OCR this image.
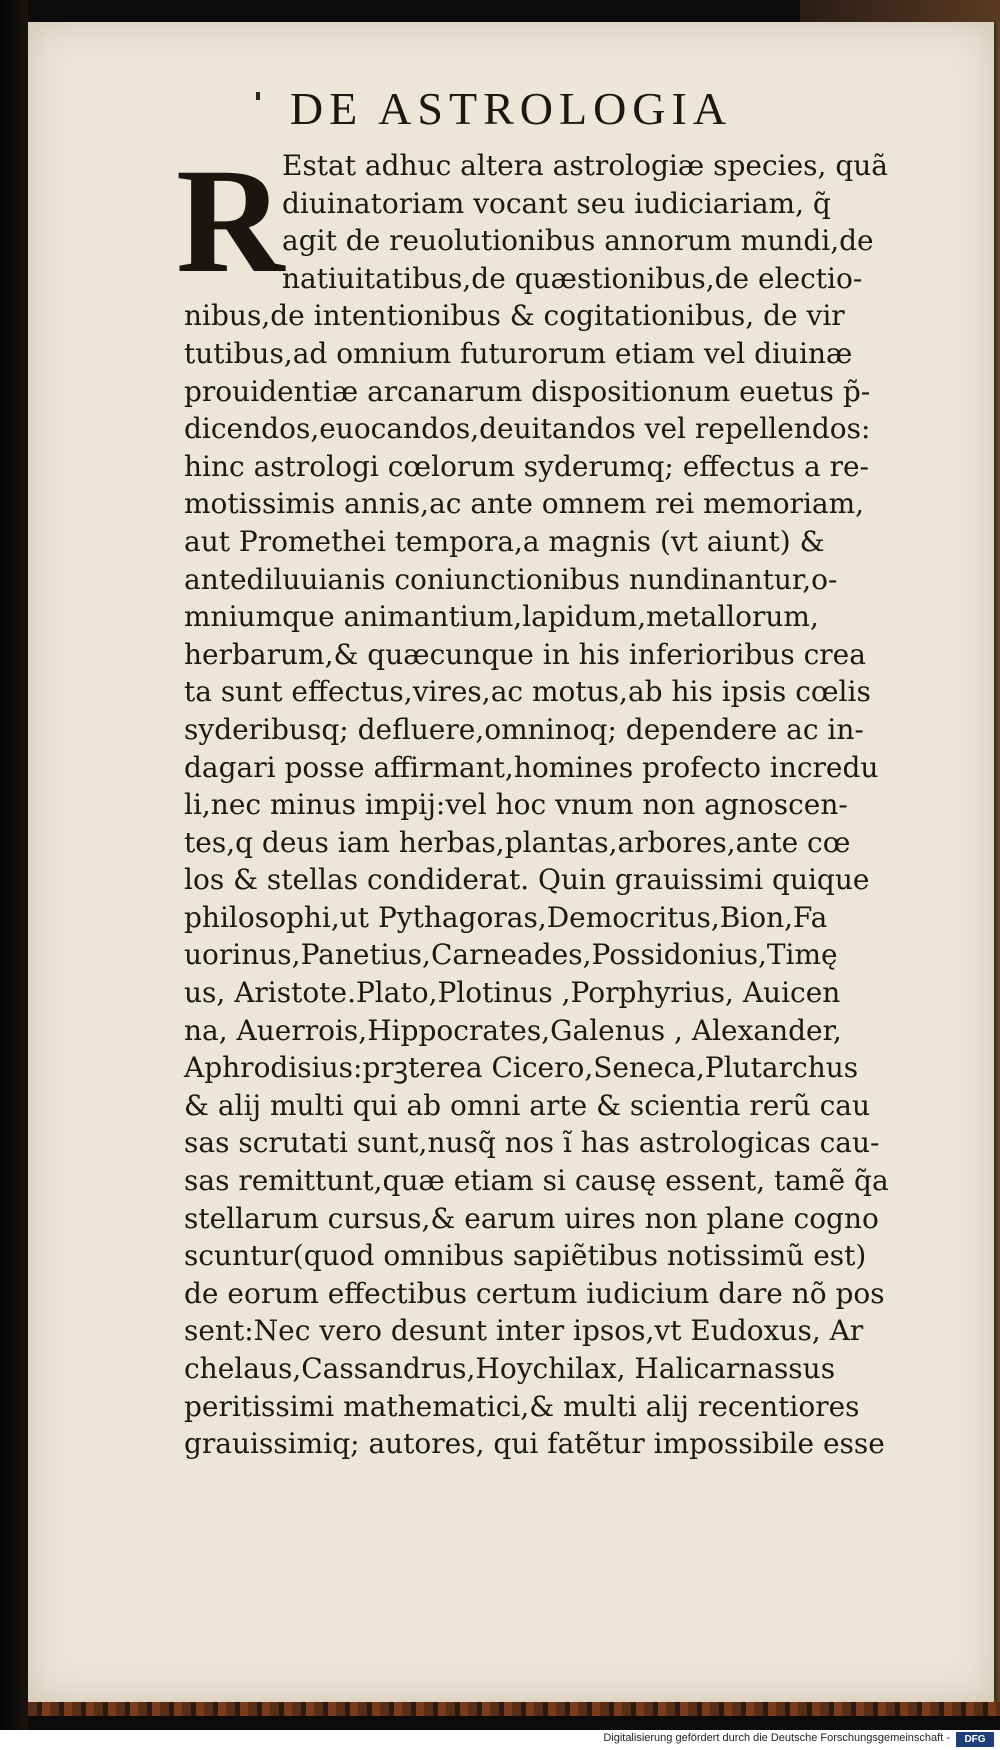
DE ASTROLOGIA
R
Estat adhuc altera astrologiæ species, quã
diuinatoriam vocant seu iudiciariam, q̃
agit de reuolutionibus annorum mundi,de
natiuitatibus,de quæstionibus,de electio-
nibus,de intentionibus & cogitationibus, de vir
tutibus,ad omnium futurorum etiam vel diuinæ
prouidentiæ arcanarum dispositionum euetus p̃-
dicendos,euocandos,deuitandos vel repellendos:
hinc astrologi cœlorum syderumq; effectus a re-
motissimis annis,ac ante omnem rei memoriam,
aut Promethei tempora,a magnis (vt aiunt) &
antediluuianis coniunctionibus nundinantur,o-
mniumque animantium,lapidum,metallorum,
herbarum,& quæcunque in his inferioribus crea
ta sunt effectus,vires,ac motus,ab his ipsis cœlis
syderibusq; defluere,omninoq; dependere ac in-
dagari posse affirmant,homines profecto incredu
li,nec minus impij:vel hoc vnum non agnoscen-
tes,q deus iam herbas,plantas,arbores,ante cœ
los & stellas condiderat. Quin grauissimi quique
philosophi,ut Pythagoras,Democritus,Bion,Fa
uorinus,Panetius,Carneades,Possidonius,Timę
us, Aristote.Plato,Plotinus ,Porphyrius, Auicen
na, Auerrois,Hippocrates,Galenus , Alexander,
Aphrodisius:prꝫterea Cicero,Seneca,Plutarchus
& alij multi qui ab omni arte & scientia rerũ cau
sas scrutati sunt,nusq̃ nos ĩ has astrologicas cau-
sas remittunt,quæ etiam si causę essent, tamẽ q̃a
stellarum cursus,& earum uires non plane cogno
scuntur(quod omnibus sapiẽtibus notissimũ est)
de eorum effectibus certum iudicium dare nõ pos
sent:Nec vero desunt inter ipsos,vt Eudoxus, Ar
chelaus,Cassandrus,Hoychilax, Halicarnassus
peritissimi mathematici,& multi alij recentiores
grauissimiq; autores, qui fatẽtur impossibile esse
Digitalisierung gefördert durch die Deutsche Forschungsgemeinschaft -	DFG
